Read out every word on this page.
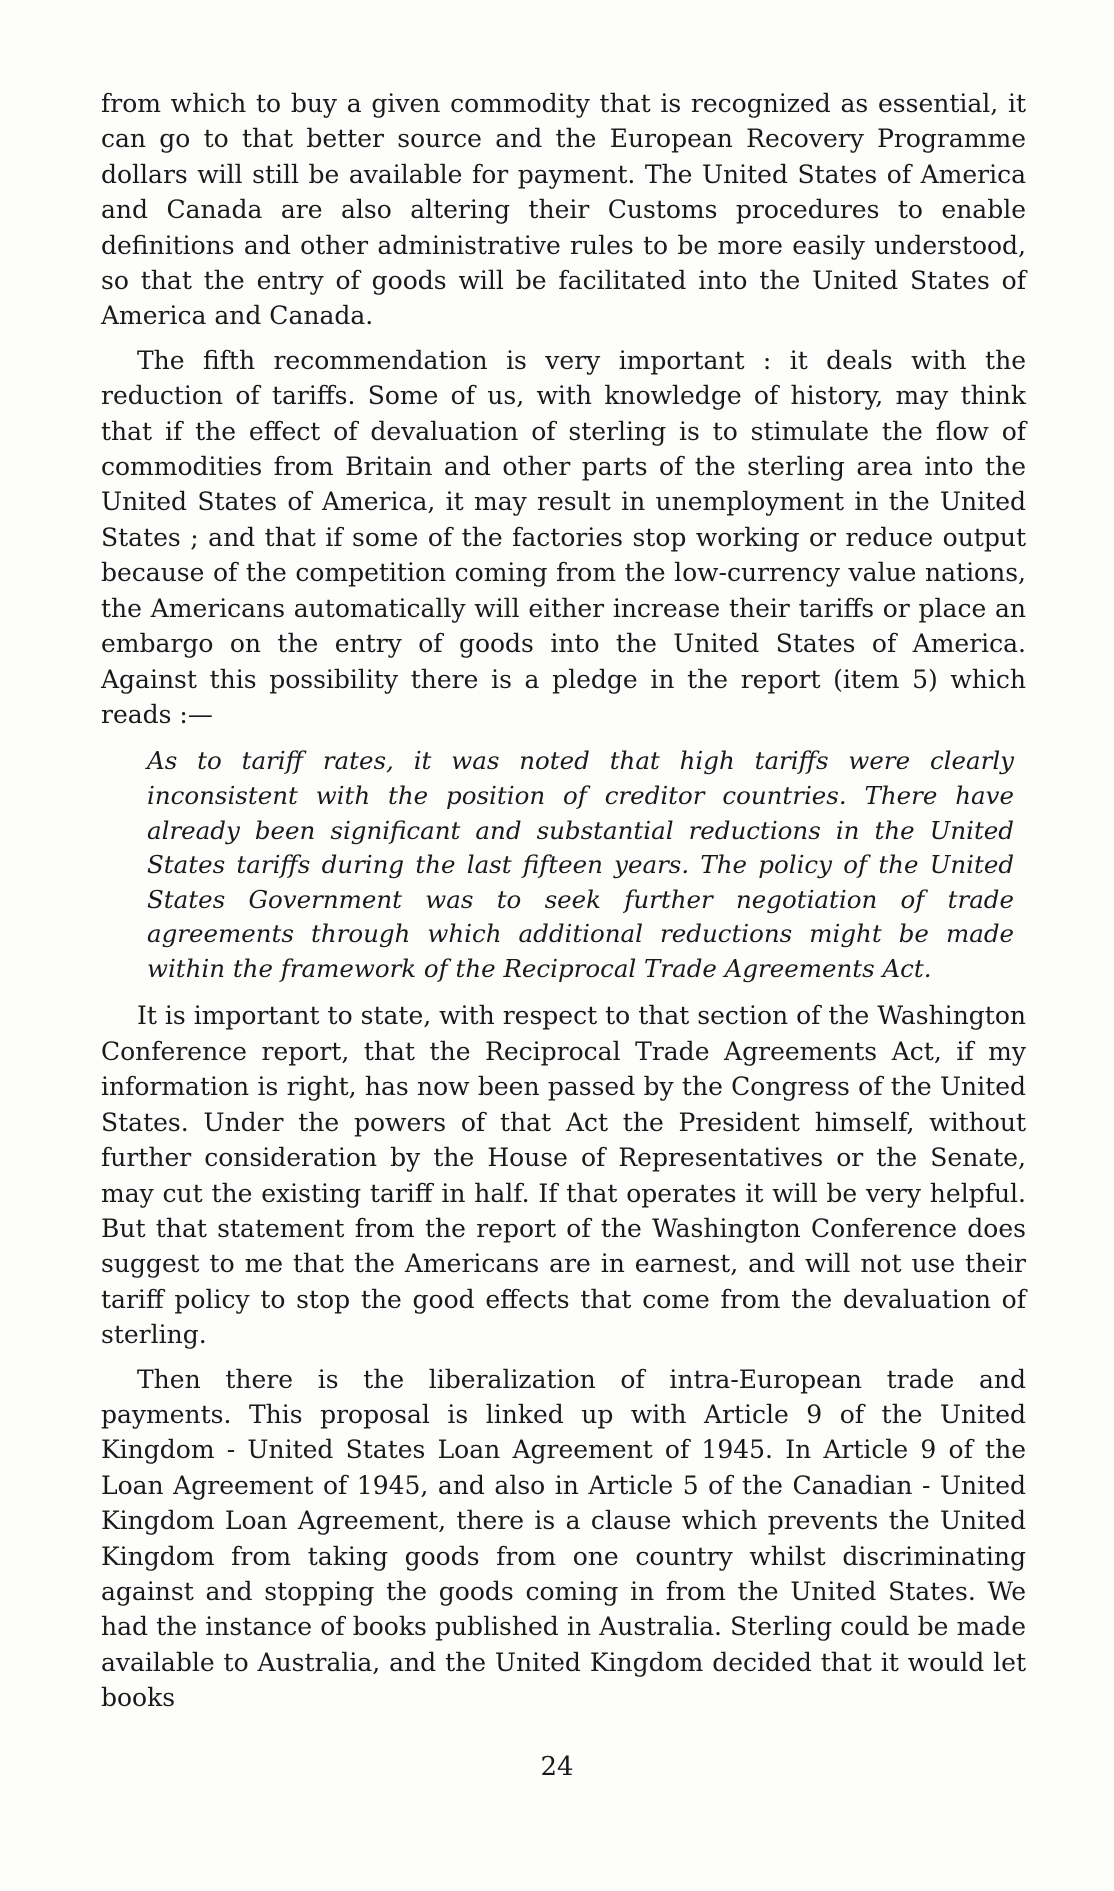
from which to buy a given commodity that is recognized as essential, it can go to that better source and the European Recovery Programme dollars will still be available for payment. The United States of America and Canada are also altering their Customs procedures to enable definitions and other administrative rules to be more easily understood, so that the entry of goods will be facilitated into the United States of America and Canada.

The fifth recommendation is very important : it deals with the reduction of tariffs. Some of us, with knowledge of history, may think that if the effect of devaluation of sterling is to stimulate the flow of commodities from Britain and other parts of the sterling area into the United States of America, it may result in unemployment in the United States ; and that if some of the factories stop working or reduce output because of the competition coming from the low-currency value nations, the Americans automatically will either increase their tariffs or place an embargo on the entry of goods into the United States of America. Against this possibility there is a pledge in the report (item 5) which reads :—

As to tariff rates, it was noted that high tariffs were clearly inconsistent with the position of creditor countries. There have already been significant and substantial reductions in the United States tariffs during the last fifteen years. The policy of the United States Government was to seek further negotiation of trade agreements through which additional reductions might be made within the framework of the Reciprocal Trade Agreements Act.

It is important to state, with respect to that section of the Washington Conference report, that the Reciprocal Trade Agreements Act, if my information is right, has now been passed by the Congress of the United States. Under the powers of that Act the President himself, without further consideration by the House of Representatives or the Senate, may cut the existing tariff in half. If that operates it will be very helpful. But that statement from the report of the Washington Conference does suggest to me that the Americans are in earnest, and will not use their tariff policy to stop the good effects that come from the devaluation of sterling.

Then there is the liberalization of intra-European trade and payments. This proposal is linked up with Article 9 of the United Kingdom - United States Loan Agreement of 1945. In Article 9 of the Loan Agreement of 1945, and also in Article 5 of the Canadian - United Kingdom Loan Agreement, there is a clause which prevents the United Kingdom from taking goods from one country whilst discriminating against and stopping the goods coming in from the United States. We had the instance of books published in Australia. Sterling could be made available to Australia, and the United Kingdom decided that it would let books

24
